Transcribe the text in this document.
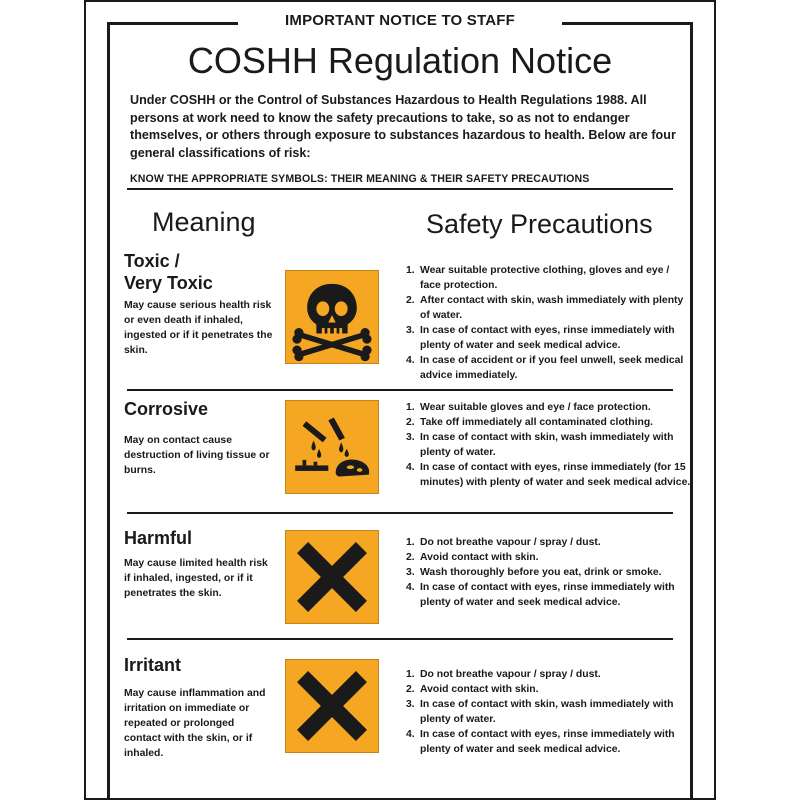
IMPORTANT NOTICE TO STAFF
COSHH Regulation Notice

Under COSHH or the Control of Substances Hazardous to Health Regulations 1988. All persons at work need to know the safety precautions to take, so as not to endanger themselves, or others through exposure to substances hazardous to health. Below are four general classifications of risk:

KNOW THE APPROPRIATE SYMBOLS: THEIR MEANING & THEIR SAFETY PRECAUTIONS
Meaning	Safety Precautions
Toxic /
Very Toxic

May cause serious health risk or even death if inhaled, ingested or if it penetrates the skin.

1. Wear suitable protective clothing, gloves and eye / face protection.
2. After contact with skin, wash immediately with plenty of water.
3. In case of contact with eyes, rinse immediately with plenty of water and seek medical advice.
4. In case of accident or if you feel unwell, seek medical advice immediately.
Corrosive

May on contact cause destruction of living tissue or burns.

1. Wear suitable gloves and eye / face protection.
2. Take off immediately all contaminated clothing.
3. In case of contact with skin, wash immediately with plenty of water.
4. In case of contact with eyes, rinse immediately (for 15 minutes) with plenty of water and seek medical advice.
Harmful

May cause limited health risk if inhaled, ingested, or if it penetrates the skin.

1. Do not breathe vapour / spray / dust.
2. Avoid contact with skin.
3. Wash thoroughly before you eat, drink or smoke.
4. In case of contact with eyes, rinse immediately with plenty of water and seek medical advice.
Irritant

May cause inflammation and irritation on immediate or repeated or prolonged contact with the skin, or if inhaled.

1. Do not breathe vapour / spray / dust.
2. Avoid contact with skin.
3. In case of contact with skin, wash immediately with plenty of water.
4. In case of contact with eyes, rinse immediately with plenty of water and seek medical advice.
